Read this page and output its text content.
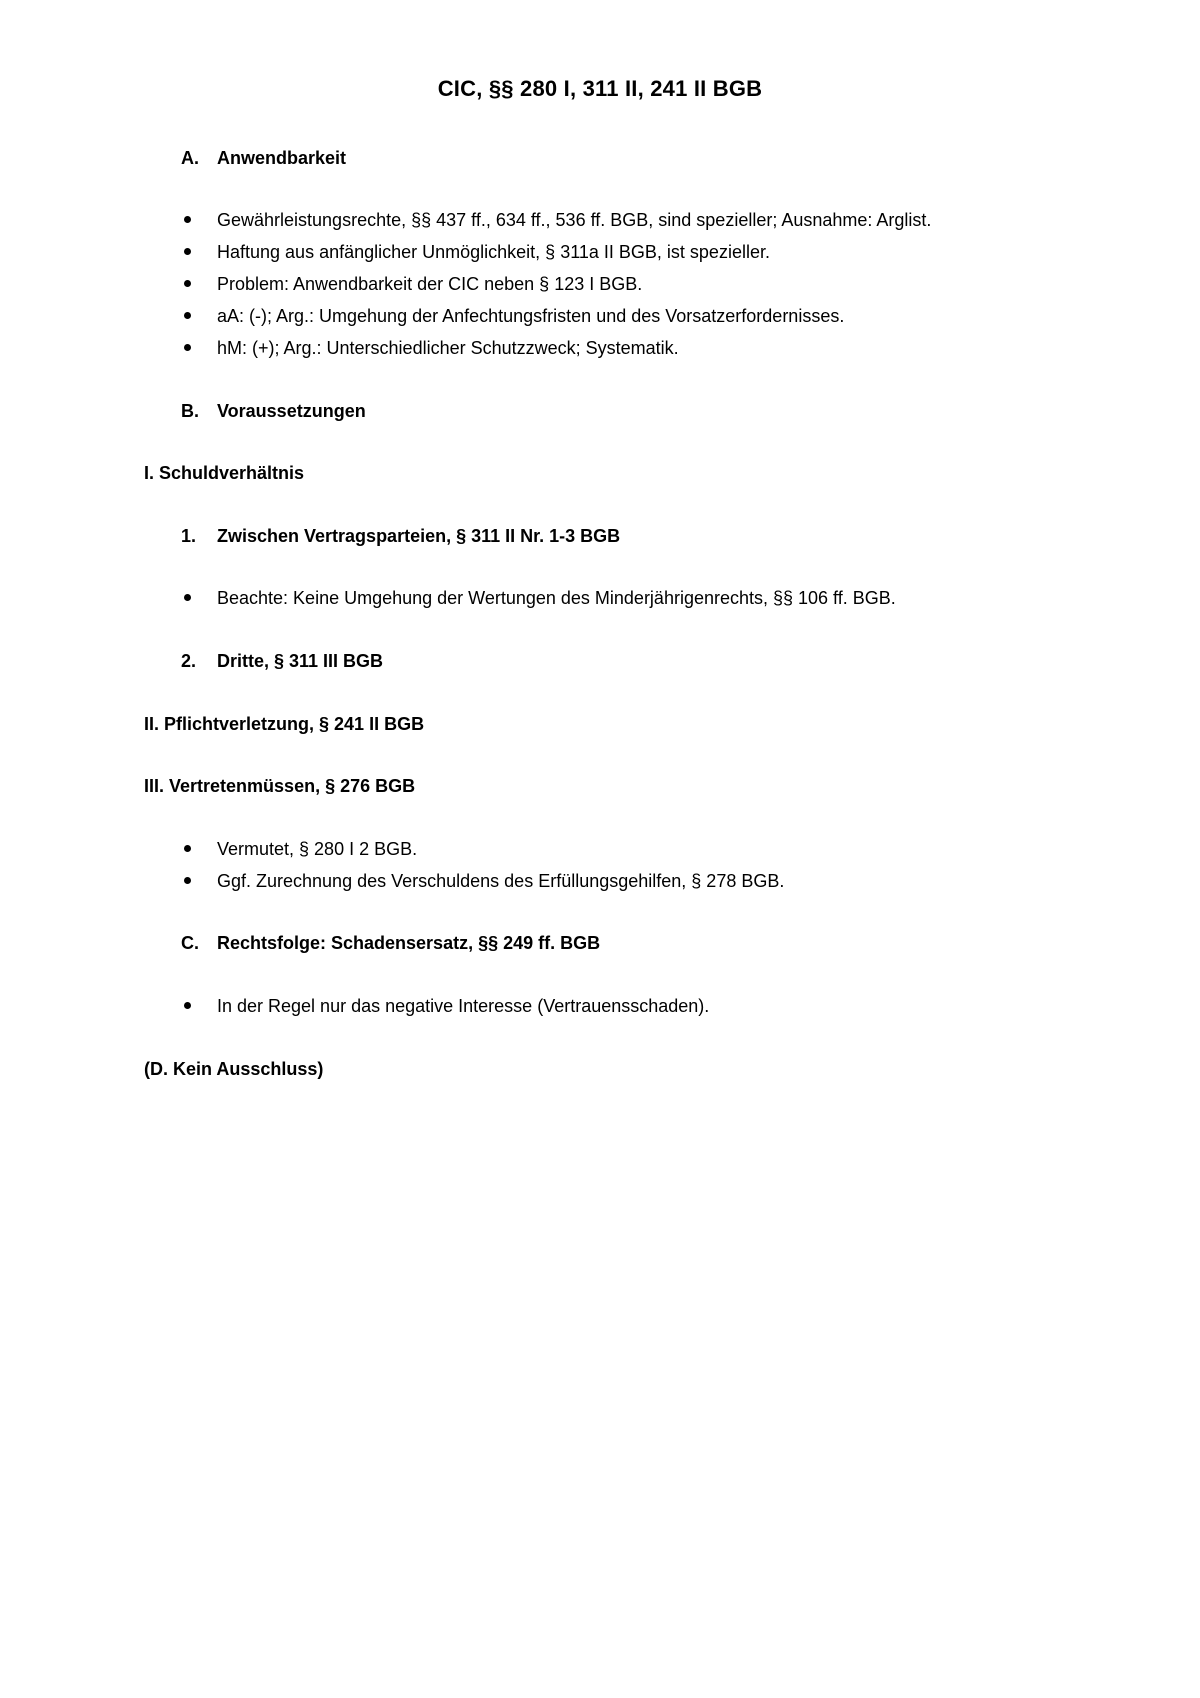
CIC, §§ 280 I, 311 II, 241 II BGB
A. Anwendbarkeit
Gewährleistungsrechte, §§ 437 ff., 634 ff., 536 ff. BGB, sind spezieller; Ausnahme: Arglist.
Haftung aus anfänglicher Unmöglichkeit, § 311a II BGB, ist spezieller.
Problem: Anwendbarkeit der CIC neben § 123 I BGB.
aA: (-); Arg.: Umgehung der Anfechtungsfristen und des Vorsatzerfordernisses.
hM: (+); Arg.: Unterschiedlicher Schutzzweck; Systematik.
B. Voraussetzungen
I. Schuldverhältnis
1. Zwischen Vertragsparteien, § 311 II Nr. 1-3 BGB
Beachte: Keine Umgehung der Wertungen des Minderjährigenrechts, §§ 106 ff. BGB.
2. Dritte, § 311 III BGB
II. Pflichtverletzung, § 241 II BGB
III. Vertretenmüssen, § 276 BGB
Vermutet, § 280 I 2 BGB.
Ggf. Zurechnung des Verschuldens des Erfüllungsgehilfen, § 278 BGB.
C. Rechtsfolge: Schadensersatz, §§ 249 ff. BGB
In der Regel nur das negative Interesse (Vertrauensschaden).
(D. Kein Ausschluss)
